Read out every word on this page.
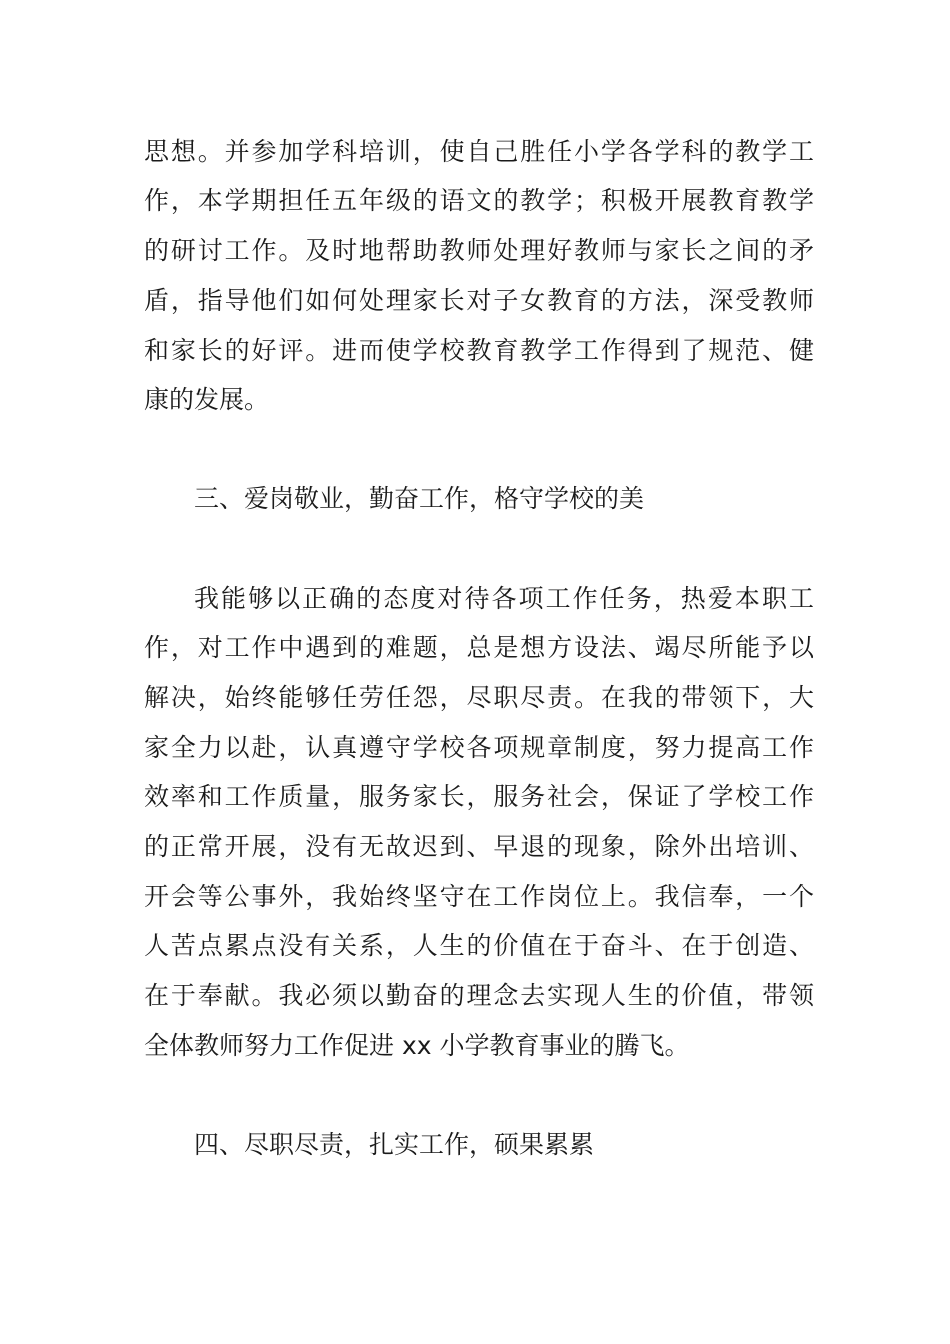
思想。并参加学科培训，使自己胜任小学各学科的教学工
作，本学期担任五年级的语文的教学；积极开展教育教学
的研讨工作。及时地帮助教师处理好教师与家长之间的矛
盾，指导他们如何处理家长对子女教育的方法，深受教师
和家长的好评。进而使学校教育教学工作得到了规范、健
康的发展。
三、爱岗敬业，勤奋工作，格守学校的美
我能够以正确的态度对待各项工作任务，热爱本职工
作，对工作中遇到的难题，总是想方设法、竭尽所能予以
解决，始终能够任劳任怨，尽职尽责。在我的带领下，大
家全力以赴，认真遵守学校各项规章制度，努力提高工作
效率和工作质量，服务家长，服务社会，保证了学校工作
的正常开展，没有无故迟到、早退的现象，除外出培训、
开会等公事外，我始终坚守在工作岗位上。我信奉，一个
人苦点累点没有关系，人生的价值在于奋斗、在于创造、
在于奉献。我必须以勤奋的理念去实现人生的价值，带领
全体教师努力工作促进 xx 小学教育事业的腾飞。
四、尽职尽责，扎实工作，硕果累累
